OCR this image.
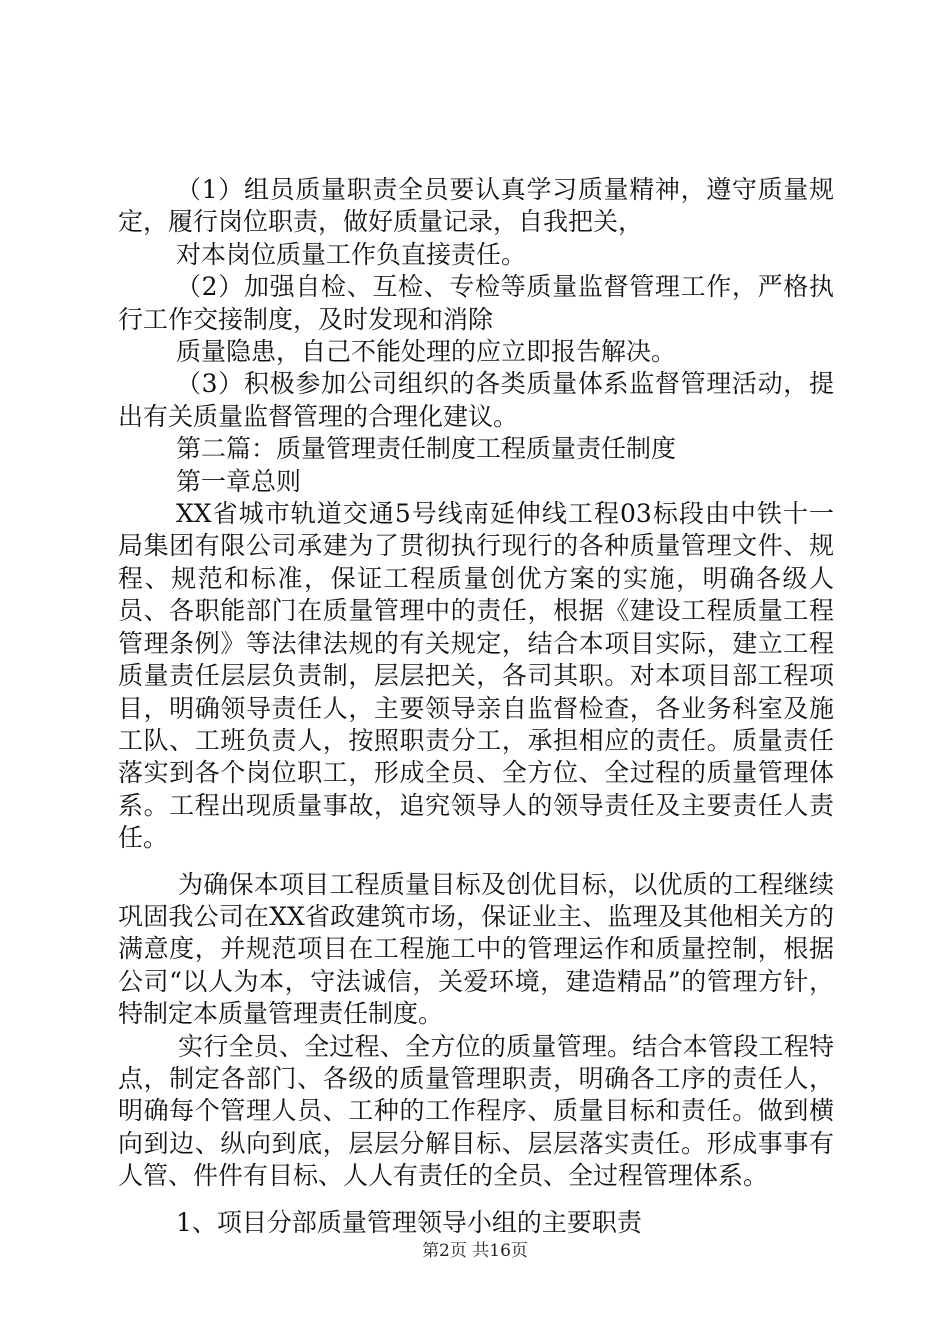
（1）组员质量职责全员要认真学习质量精神，遵守质量规定，履行岗位职责，做好质量记录，自我把关，

对本岗位质量工作负直接责任。

（2）加强自检、互检、专检等质量监督管理工作，严格执行工作交接制度，及时发现和消除

质量隐患，自己不能处理的应立即报告解决。

（3）积极参加公司组织的各类质量体系监督管理活动，提出有关质量监督管理的合理化建议。

第二篇：质量管理责任制度工程质量责任制度

第一章总则

XX省城市轨道交通5号线南延伸线工程03标段由中铁十一局集团有限公司承建为了贯彻执行现行的各种质量管理文件、规程、规范和标准，保证工程质量创优方案的实施，明确各级人员、各职能部门在质量管理中的责任，根据《建设工程质量工程管理条例》等法律法规的有关规定，结合本项目实际，建立工程质量责任层层负责制，层层把关，各司其职。对本项目部工程项目，明确领导责任人，主要领导亲自监督检查，各业务科室及施工队、工班负责人，按照职责分工，承担相应的责任。质量责任落实到各个岗位职工，形成全员、全方位、全过程的质量管理体系。工程出现质量事故，追究领导人的领导责任及主要责任人责任。

为确保本项目工程质量目标及创优目标，以优质的工程继续巩固我公司在XX省政建筑市场，保证业主、监理及其他相关方的满意度，并规范项目在工程施工中的管理运作和质量控制，根据公司“以人为本，守法诚信，关爱环境，建造精品”的管理方针，特制定本质量管理责任制度。

实行全员、全过程、全方位的质量管理。结合本管段工程特点，制定各部门、各级的质量管理职责，明确各工序的责任人，明确每个管理人员、工种的工作程序、质量目标和责任。做到横向到边、纵向到底，层层分解目标、层层落实责任。形成事事有人管、件件有目标、人人有责任的全员、全过程管理体系。

1、项目分部质量管理领导小组的主要职责

第2页 共16页
